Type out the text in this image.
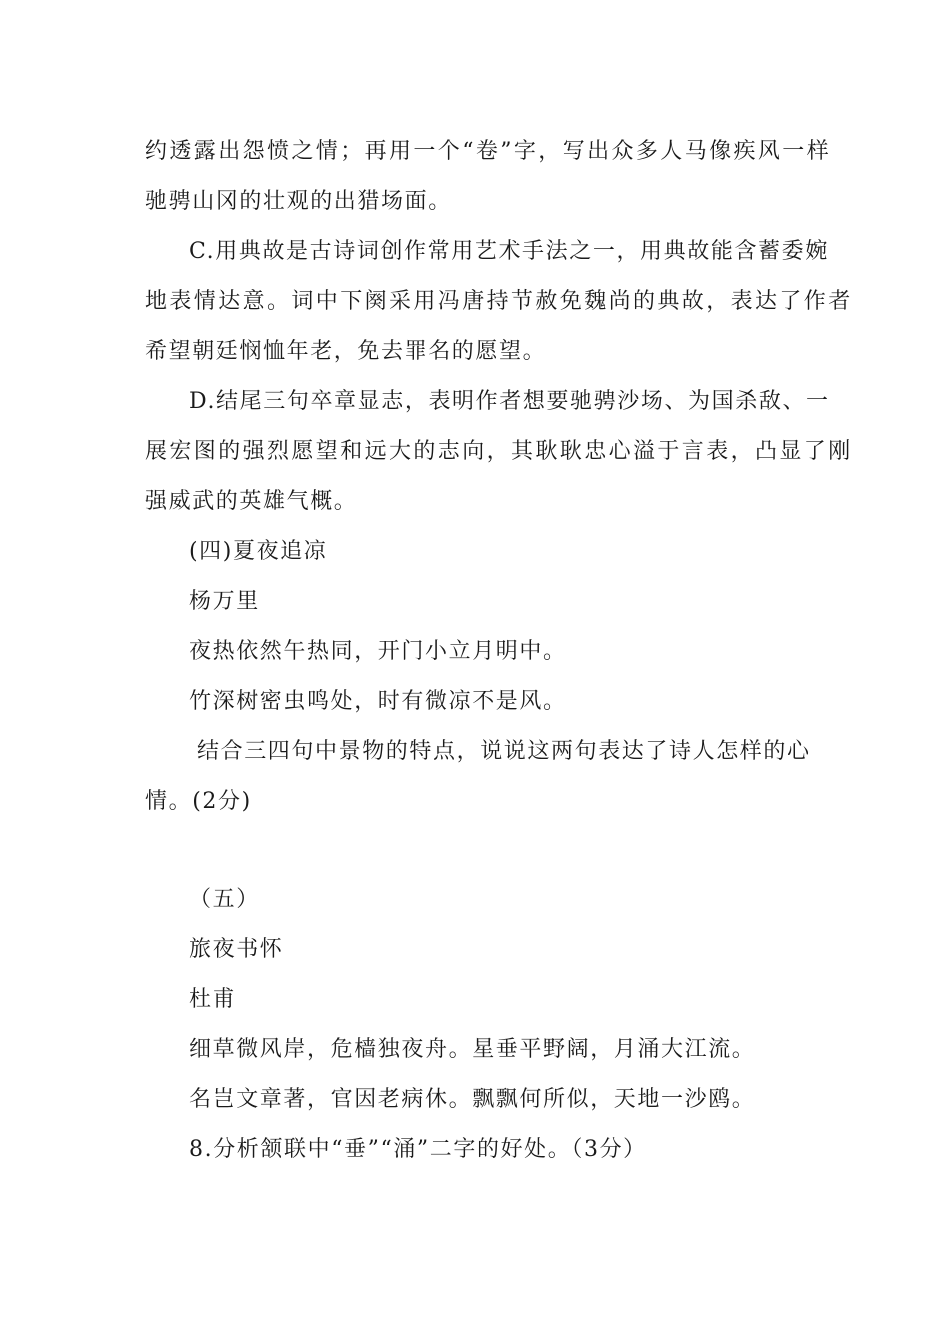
约透露出怨愤之情；再用一个“卷”字，写出众多人马像疾风一样
驰骋山冈的壮观的出猎场面。
C.用典故是古诗词创作常用艺术手法之一，用典故能含蓄委婉
地表情达意。词中下阕采用冯唐持节赦免魏尚的典故，表达了作者
希望朝廷悯恤年老，免去罪名的愿望。
D.结尾三句卒章显志，表明作者想要驰骋沙场、为国杀敌、一
展宏图的强烈愿望和远大的志向，其耿耿忠心溢于言表，凸显了刚
强威武的英雄气概。
(四)夏夜追凉
杨万里
夜热依然午热同，开门小立月明中。
竹深树密虫鸣处，时有微凉不是风。
结合三四句中景物的特点，说说这两句表达了诗人怎样的心
情。(2分)
（五）
旅夜书怀
杜甫
细草微风岸，危樯独夜舟。星垂平野阔，月涌大江流。
名岂文章著，官因老病休。飘飘何所似，天地一沙鸥。
8.分析颔联中“垂”“涌”二字的好处。（3分）
